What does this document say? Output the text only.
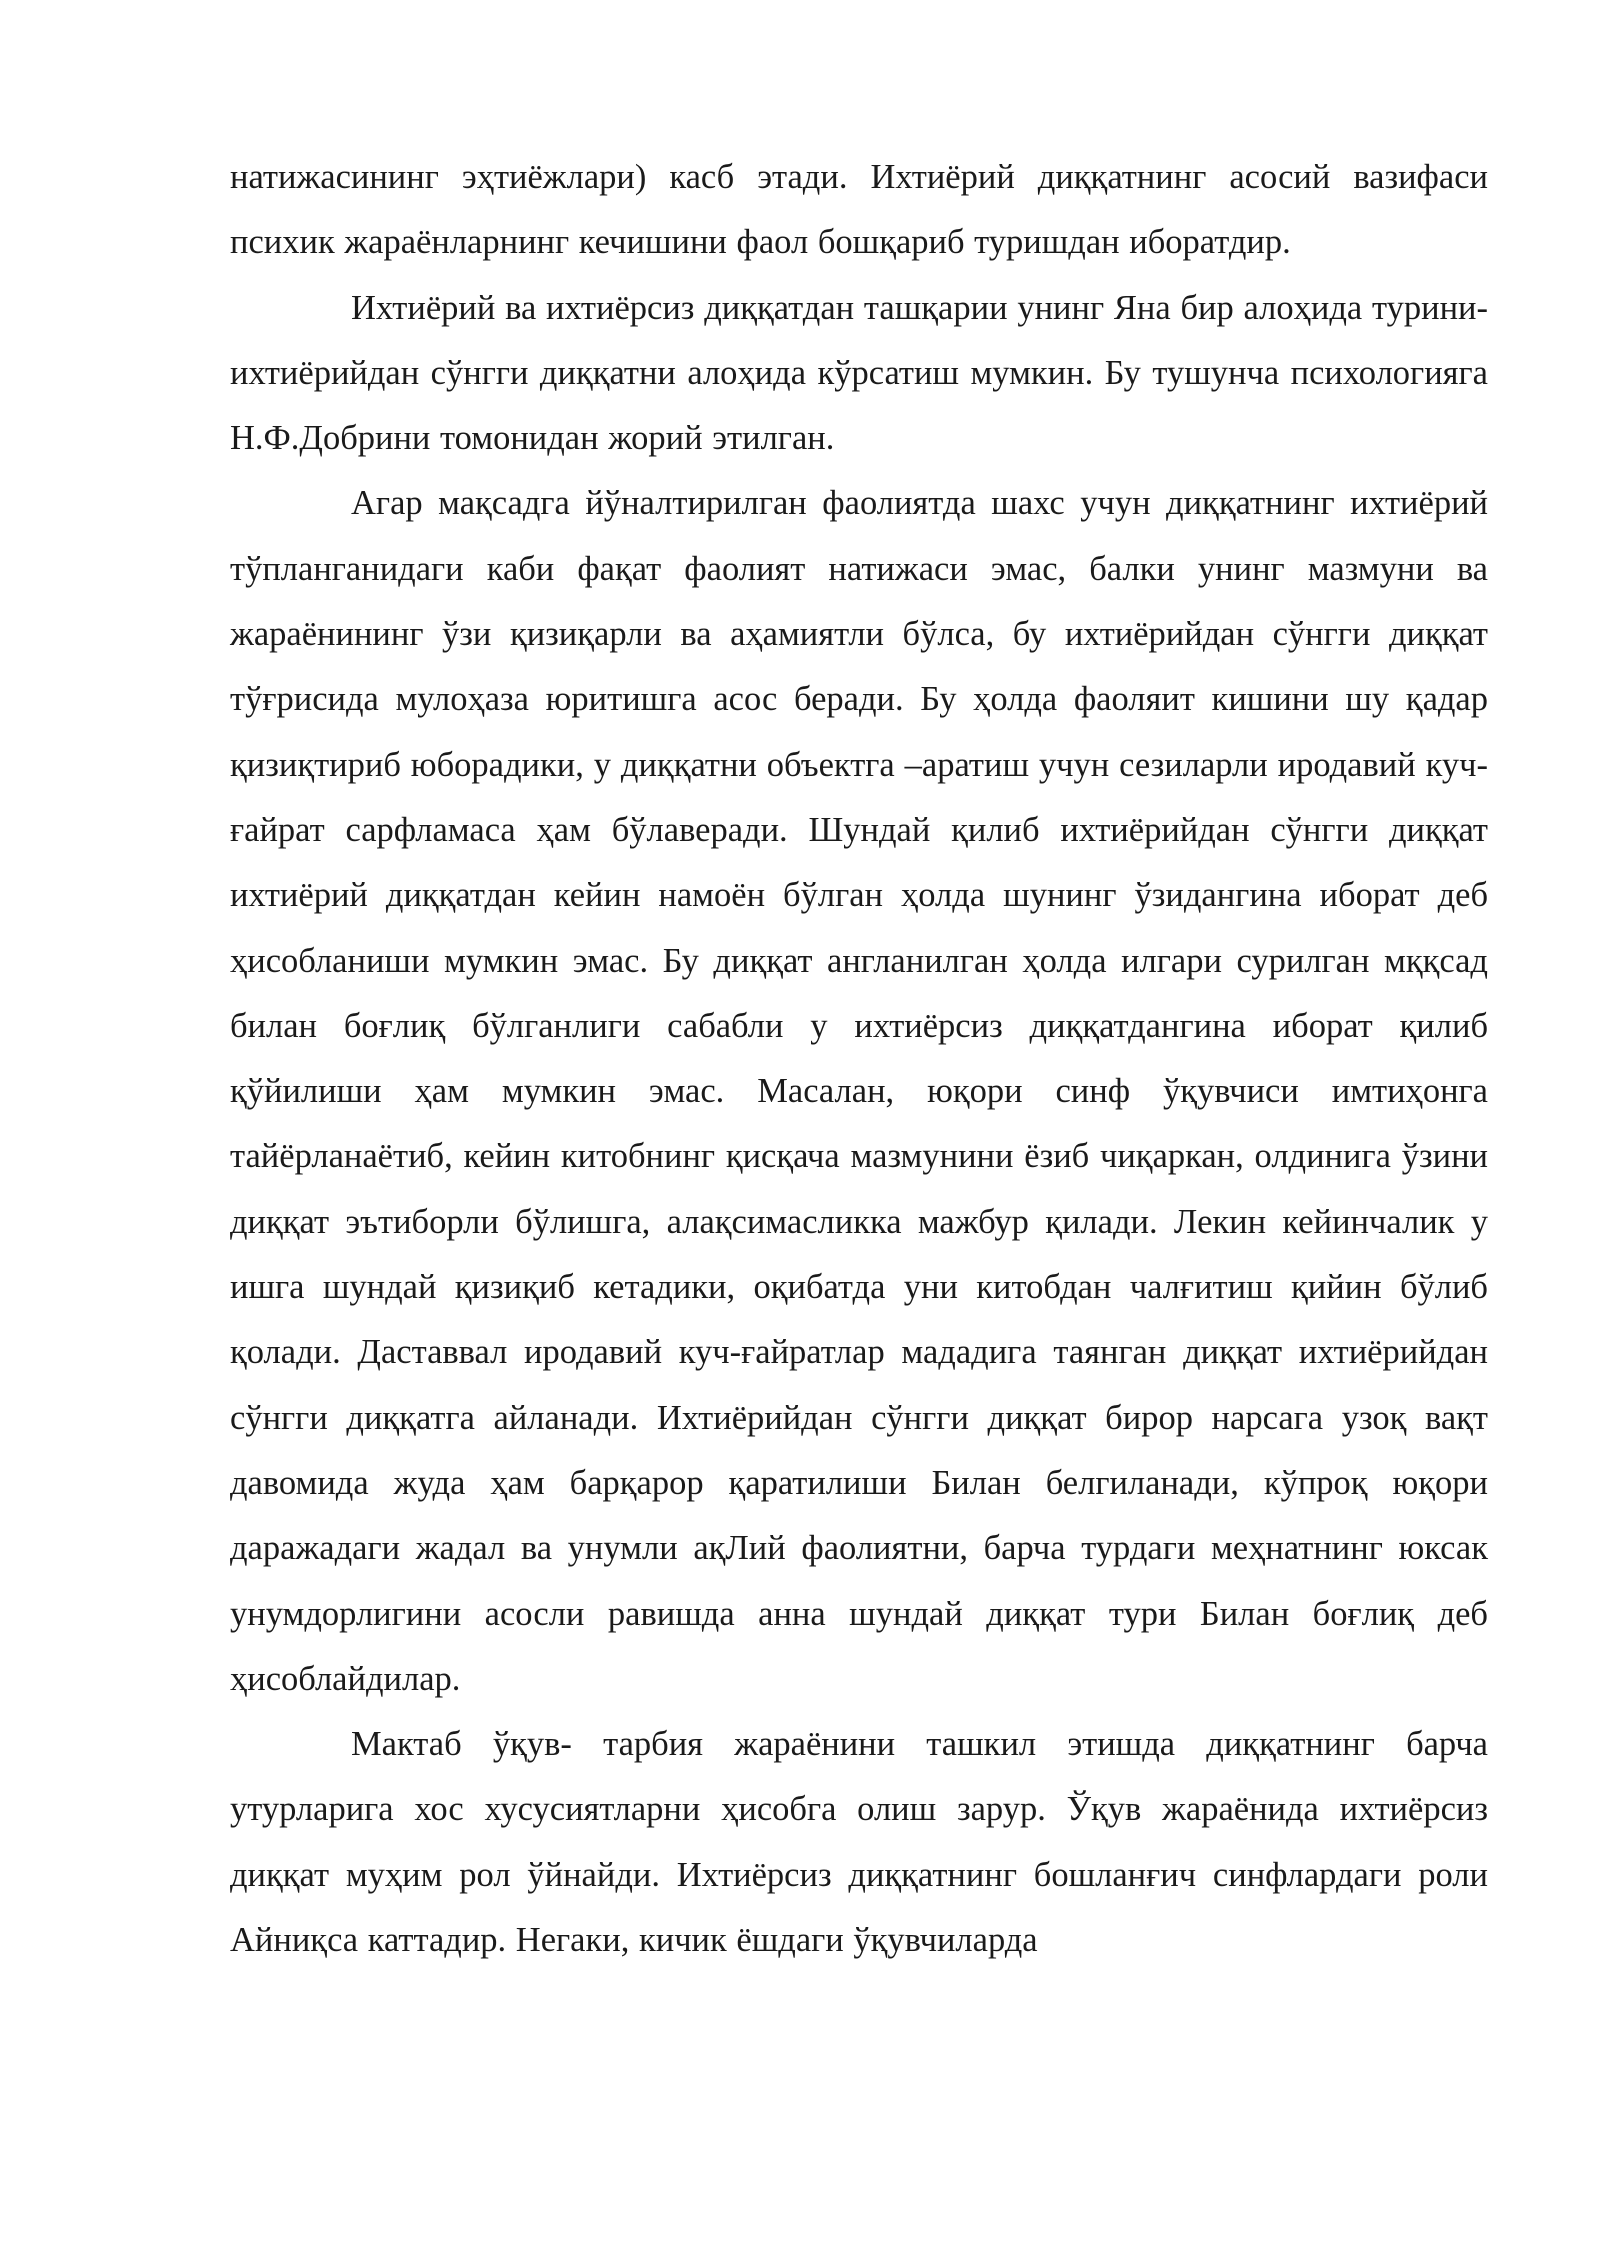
натижасининг эҳтиёжлари) касб этади. Ихтиёрий диққатнинг асосий вазифаси психик жараёнларнинг кечишини фаол бошқариб туришдан иборатдир.

Ихтиёрий ва ихтиёрсиз диққатдан ташқарии унинг Яна бир алоҳида турини- ихтиёрийдан сўнгги диққатни алоҳида кўрсатиш мумкин. Бу тушунча психологияга Н.Ф.Добрини томонидан жорий этилган.

Агар мақсадга йўналтирилган фаолиятда шахс учун диққатнинг ихтиёрий тўпланганидаги каби фақат фаолият натижаси эмас, балки унинг мазмуни ва жараёнининг ўзи қизиқарли ва аҳамиятли бўлса, бу ихтиёрийдан сўнгги диққат тўғрисида мулоҳаза юритишга асос беради. Бу ҳолда фаоляит кишини шу қадар қизиқтириб юборадики, у диққатни объектга –аратиш учун сезиларли иродавий куч-ғайрат сарфламаса ҳам бўлаверади. Шундай қилиб ихтиёрийдан сўнгги диққат ихтиёрий диққатдан кейин намоён бўлган ҳолда шунинг ўзидангина иборат деб ҳисобланиши мумкин эмас. Бу диққат англанилган ҳолда илгари сурилган мққсад билан боғлиқ бўлганлиги сабабли у ихтиёрсиз диққатдангина иборат қилиб қўйилиши ҳам мумкин эмас. Масалан, юқори синф ўқувчиси имтиҳонга тайёрланаётиб, кейин китобнинг қисқача мазмунини ёзиб чиқаркан, олдинига ўзини диққат эътиборли бўлишга, алақсимасликка мажбур қилади. Лекин кейинчалик у ишга шундай қизиқиб кетадики, оқибатда уни китобдан чалғитиш қийин бўлиб қолади. Даставвал иродавий куч-ғайратлар мададига таянган диққат ихтиёрийдан сўнгги диққатга айланади. Ихтиёрийдан сўнгги диққат бирор нарсага узоқ вақт давомида жуда ҳам барқарор қаратилиши Билан белгиланади, кўпроқ юқори даражадаги жадал ва унумли ақЛий фаолиятни, барча турдаги меҳнатнинг юксак унумдорлигини асосли равишда анна шундай диққат тури Билан боғлиқ деб ҳисоблайдилар.

Мактаб ўқув- тарбия жараёнини ташкил этишда диққатнинг барча утурларига хос хусусиятларни ҳисобга олиш зарур. Ўқув жараёнида ихтиёрсиз диққат муҳим рол ўйнайди. Ихтиёрсиз диққатнинг бошланғич синфлардаги роли Айниқса каттадир. Негаки, кичик ёшдаги ўқувчиларда
